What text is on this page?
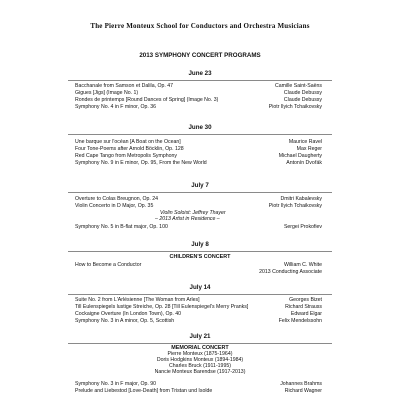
The Pierre Monteux School for Conductors and Orchestra Musicians
2013 SYMPHONY CONCERT PROGRAMS
June 23
Bacchanale from Samson et Dalila, Op. 47	Camille Saint-Saëns
Gigues [Jigs] (Image No. 1)	Claude Debussy
Rondes de printemps [Round Dances of Spring] (Image No. 3)	Claude Debussy
Symphony No. 4 in F minor, Op. 36	Piotr Ilyich Tchaikovsky
June 30
Une barque sur l'océan [A Boat on the Ocean]	Maurice Ravel
Four Tone-Poems after Arnold Böcklin, Op. 128	Max Reger
Red Cape Tango from Metropolis Symphony	Michael Daugherty
Symphony No. 9 in E minor, Op. 95, From the New World	Antonín Dvořák
July 7
Overture to Colas Breugnon, Op. 24	Dmitri Kabalevsky
Violin Concerto in D Major, Op. 35	Piotr Ilyich Tchaikovsky
Violin Soloist: Jeffrey Thayer
– 2013 Artist in Residence –
Symphony No. 5 in B-flat major, Op. 100	Sergei Prokofiev
July 8
CHILDREN'S CONCERT
How to Become a Conductor	William C. White
2013 Conducting Associate
July 14
Suite No. 2 from L'Arlésienne [The Woman from Arles]	Georges Bizet
Till Eulenspiegels lustige Streiche, Op. 28 [Till Eulenspiegel's Merry Pranks]	Richard Strauss
Cockaigne Overture (In London Town), Op. 40	Edward Elgar
Symphony No. 3 in A minor, Op. 5, Scottish	Felix Mendelssohn
July 21
MEMORIAL CONCERT
Pierre Monteux (1875-1964)
Doris Hodgkins Monteux (1894-1984)
Charles Bruck (1911-1995)
Nancie Monteux Barendse (1917-2013)
Symphony No. 3 in F major, Op. 90	Johannes Brahms
Prelude and Liebestod [Love-Death] from Tristan und Isolde	Richard Wagner
